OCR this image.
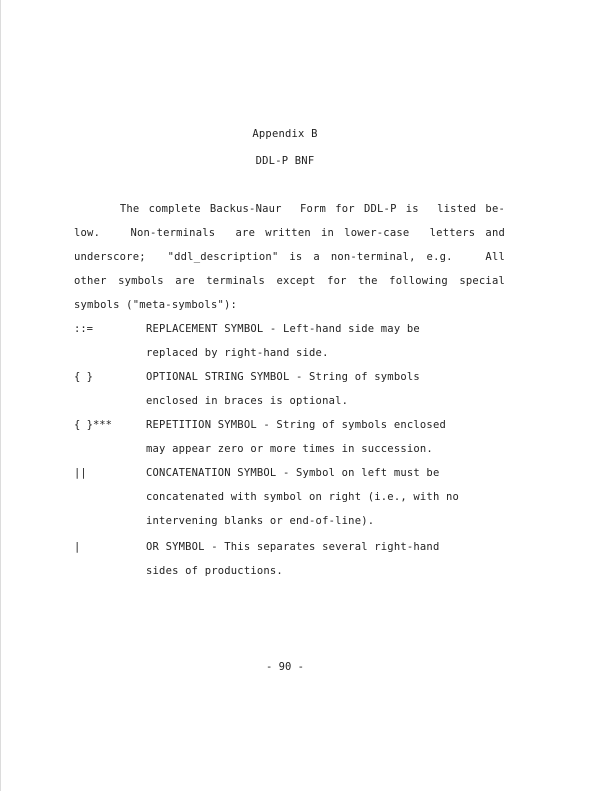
Appendix B
DDL-P BNF
The complete Backus-Naur  Form for DDL-P is  listed be-
low.   Non-terminals  are written in lower-case  letters and
underscore;  "ddl_description" is a non-terminal, e.g.   All
other symbols are terminals except for the following special
symbols ("meta-symbols"):
::=	REPLACEMENT SYMBOL - Left-hand side may be
replaced by right-hand side.
{ }	OPTIONAL STRING SYMBOL - String of symbols
enclosed in braces is optional.
{ }***	REPETITION SYMBOL - String of symbols enclosed
may appear zero or more times in succession.
||	CONCATENATION SYMBOL - Symbol on left must be
concatenated with symbol on right (i.e., with no
intervening blanks or end-of-line).
|	OR SYMBOL - This separates several right-hand
sides of productions.
- 90 -
